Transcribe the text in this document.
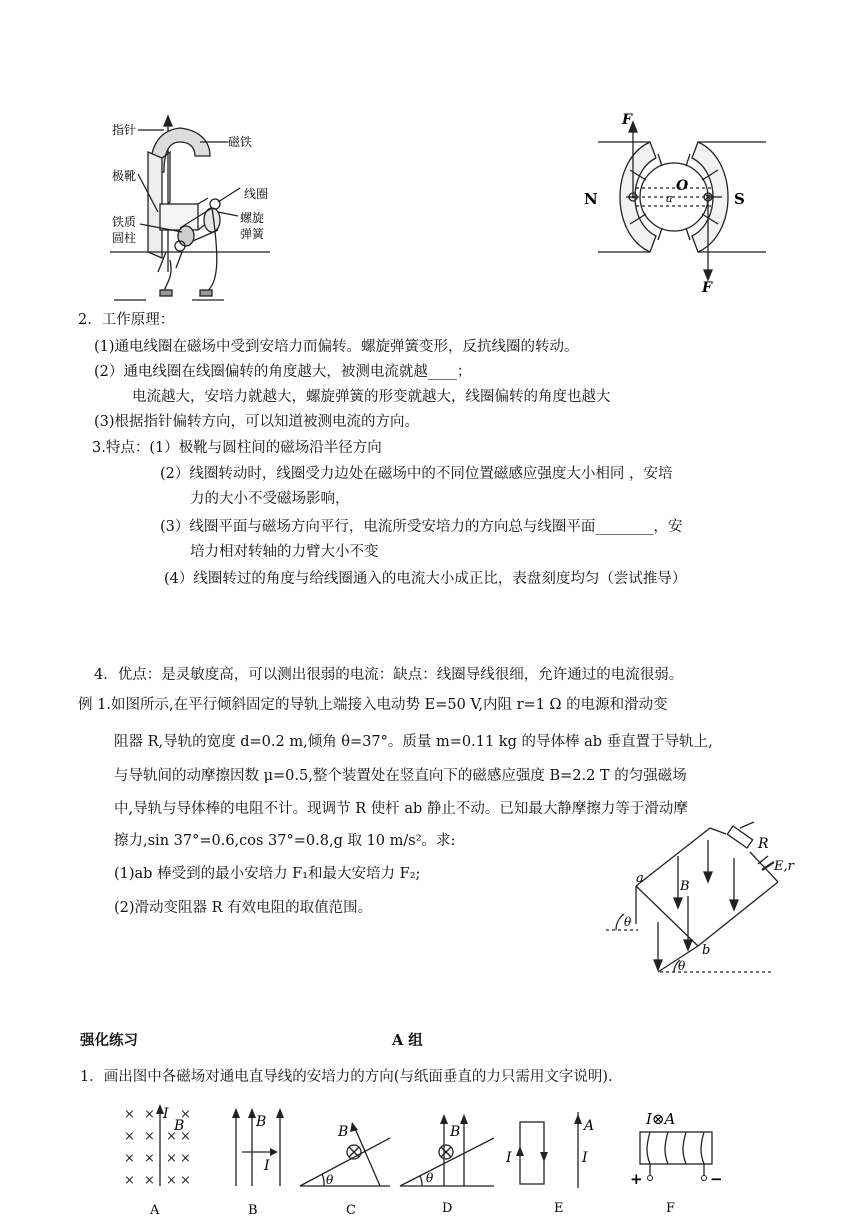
指针
磁铁
极靴
线圈
螺旋
弹簧
铁质
圆柱
F
F
N	S
O
a
2．工作原理：
(1)通电线圈在磁场中受到安培力而偏转。螺旋弹簧变形，反抗线圈的转动。
(2）通电线圈在线圈偏转的角度越大，被测电流就越____；
电流越大，安培力就越大，螺旋弹簧的形变就越大，线圈偏转的角度也越大
(3)根据指针偏转方向，可以知道被测电流的方向。
3.特点：(1）极靴与圆柱间的磁场沿半径方向
(2）线圈转动时，线圈受力边处在磁场中的不同位置磁感应强度大小相同 ，安培
力的大小不受磁场影响，
(3）线圈平面与磁场方向平行，电流所受安培力的方向总与线圈平面________，安
培力相对转轴的力臂大小不变
(4）线圈转过的角度与给线圈通入的电流大小成正比，表盘刻度均匀（尝试推导）
4．优点：是灵敏度高，可以测出很弱的电流：缺点：线圈导线很细，允许通过的电流很弱。
例 1.如图所示,在平行倾斜固定的导轨上端接入电动势 E=50 V,内阻 r=1 Ω 的电源和滑动变
阻器 R,导轨的宽度 d=0.2 m,倾角 θ=37°。质量 m=0.11 kg 的导体棒 ab 垂直置于导轨上,
与导轨间的动摩擦因数 μ=0.5,整个装置处在竖直向下的磁感应强度 B=2.2 T 的匀强磁场
中,导轨与导体棒的电阻不计。现调节 R 使杆 ab 静止不动。已知最大静摩擦力等于滑动摩
擦力,sin 37°=0.6,cos 37°=0.8,g 取 10 m/s²。求:
(1)ab 棒受到的最小安培力 F₁和最大安培力 F₂;
(2)滑动变阻器 R 有效电阻的取值范围。
R
E,r
a
b
B
θ
θ
强化练习	A 组
1．画出图中各磁场对通电直导线的安培力的方向(与纸面垂直的力只需用文字说明).
× × ×
× × × ×
× × × ×
× × × ×
I
B
A
B
I
B
B
θ
C
B
θ
D
I	I
A
E
I⊗A
+	−
F
